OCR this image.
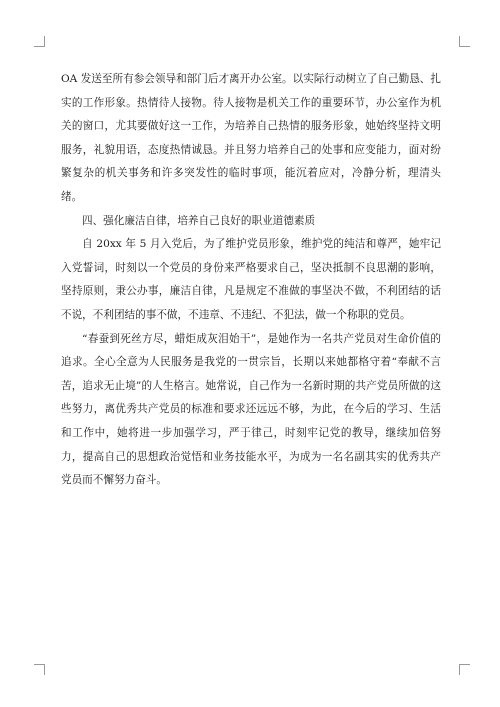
OA 发送至所有参会领导和部门后才离开办公室。以实际行动树立了自己勤恳、扎实的工作形象。热情待人接物。待人接物是机关工作的重要环节，办公室作为机关的窗口，尤其要做好这一工作，为培养自己热情的服务形象，她始终坚持文明服务，礼貌用语，态度热情诚恳。并且努力培养自己的处事和应变能力，面对纷繁复杂的机关事务和许多突发性的临时事项，能沉着应对，冷静分析，理清头绪。

四、强化廉洁自律，培养自己良好的职业道德素质

自 20xx 年 5 月入党后，为了维护党员形象，维护党的纯洁和尊严，她牢记入党誓词，时刻以一个党员的身份来严格要求自己，坚决抵制不良思潮的影响，坚持原则，秉公办事，廉洁自律，凡是规定不准做的事坚决不做，不利团结的话不说，不利团结的事不做，不违章、不违纪、不犯法，做一个称职的党员。

“春蚕到死丝方尽，蜡炬成灰泪始干”，是她作为一名共产党员对生命价值的追求。全心全意为人民服务是我党的一贯宗旨，长期以来她都格守着“奉献不言苦，追求无止境”的人生格言。她常说，自己作为一名新时期的共产党员所做的这些努力，离优秀共产党员的标准和要求还远远不够，为此，在今后的学习、生活和工作中，她将进一步加强学习，严于律己，时刻牢记党的教导，继续加倍努力，提高自己的思想政治觉悟和业务技能水平，为成为一名名副其实的优秀共产党员而不懈努力奋斗。
